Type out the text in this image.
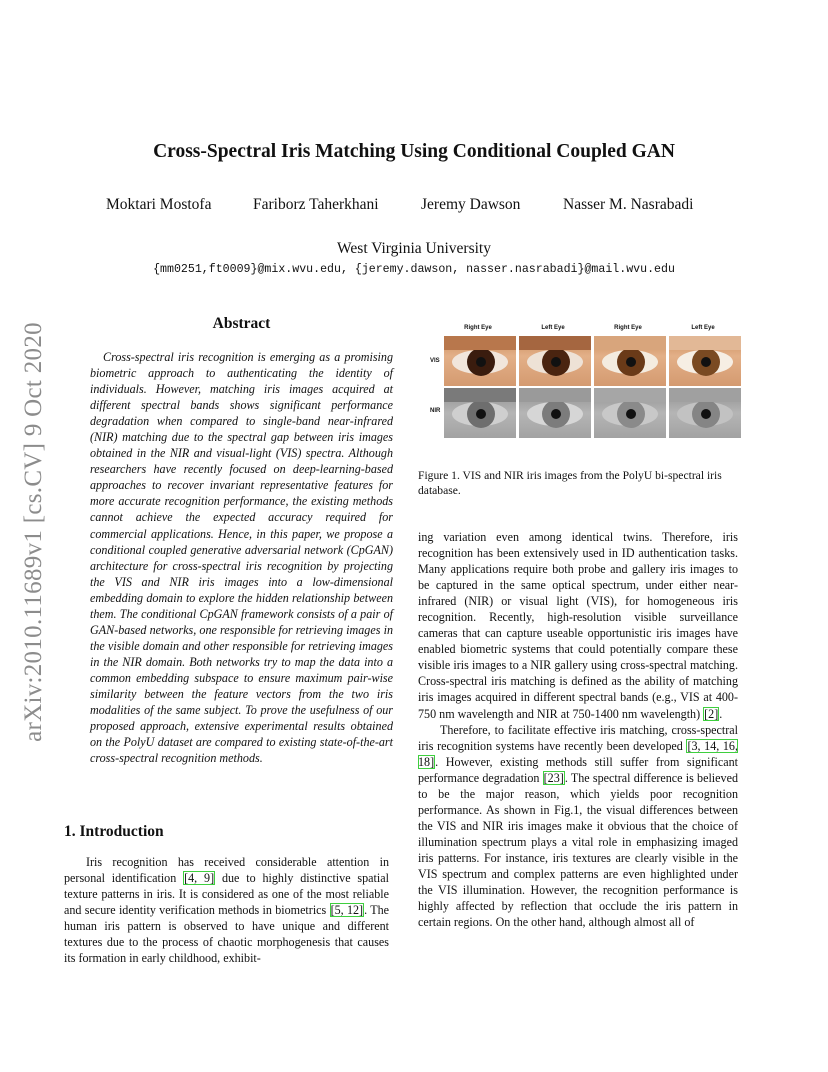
arXiv:2010.11689v1 [cs.CV] 9 Oct 2020
Cross-Spectral Iris Matching Using Conditional Coupled GAN
Moktari Mostofa	Fariborz Taherkhani	Jeremy Dawson	Nasser M. Nasrabadi
West Virginia University
{mm0251,ft0009}@mix.wvu.edu, {jeremy.dawson, nasser.nasrabadi}@mail.wvu.edu
Abstract
Cross-spectral iris recognition is emerging as a promising biometric approach to authenticating the identity of individuals. However, matching iris images acquired at different spectral bands shows significant performance degradation when compared to single-band near-infrared (NIR) matching due to the spectral gap between iris images obtained in the NIR and visual-light (VIS) spectra. Although researchers have recently focused on deep-learning-based approaches to recover invariant representative features for more accurate recognition performance, the existing methods cannot achieve the expected accuracy required for commercial applications. Hence, in this paper, we propose a conditional coupled generative adversarial network (CpGAN) architecture for cross-spectral iris recognition by projecting the VIS and NIR iris images into a low-dimensional embedding domain to explore the hidden relationship between them. The conditional CpGAN framework consists of a pair of GAN-based networks, one responsible for retrieving images in the visible domain and other responsible for retrieving images in the NIR domain. Both networks try to map the data into a common embedding subspace to ensure maximum pair-wise similarity between the feature vectors from the two iris modalities of the same subject. To prove the usefulness of our proposed approach, extensive experimental results obtained on the PolyU dataset are compared to existing state-of-the-art cross-spectral recognition methods.
1. Introduction
Iris recognition has received considerable attention in personal identification [4, 9] due to highly distinctive spatial texture patterns in iris. It is considered as one of the most reliable and secure identity verification methods in biometrics [5, 12]. The human iris pattern is observed to have unique and different textures due to the process of chaotic morphogenesis that causes its formation in early childhood, exhibit-
Right Eye	Left Eye	Right Eye	Left Eye
VIS
NIR
Figure 1. VIS and NIR iris images from the PolyU bi-spectral iris database.

ing variation even among identical twins. Therefore, iris recognition has been extensively used in ID authentication tasks. Many applications require both probe and gallery iris images to be captured in the same optical spectrum, under either near-infrared (NIR) or visual light (VIS), for homogeneous iris recognition. Recently, high-resolution visible surveillance cameras that can capture useable opportunistic iris images have enabled biometric systems that could potentially compare these visible iris images to a NIR gallery using cross-spectral matching. Cross-spectral iris matching is defined as the ability of matching iris images acquired in different spectral bands (e.g., VIS at 400-750 nm wavelength and NIR at 750-1400 nm wavelength) [2].

Therefore, to facilitate effective iris matching, cross-spectral iris recognition systems have recently been developed [3, 14, 16, 18]. However, existing methods still suffer from significant performance degradation [23]. The spectral difference is believed to be the major reason, which yields poor recognition performance. As shown in Fig.1, the visual differences between the VIS and NIR iris images make it obvious that the choice of illumination spectrum plays a vital role in emphasizing imaged iris patterns. For instance, iris textures are clearly visible in the VIS spectrum and complex patterns are even highlighted under the VIS illumination. However, the recognition performance is highly affected by reflection that occlude the iris pattern in certain regions. On the other hand, although almost all of
